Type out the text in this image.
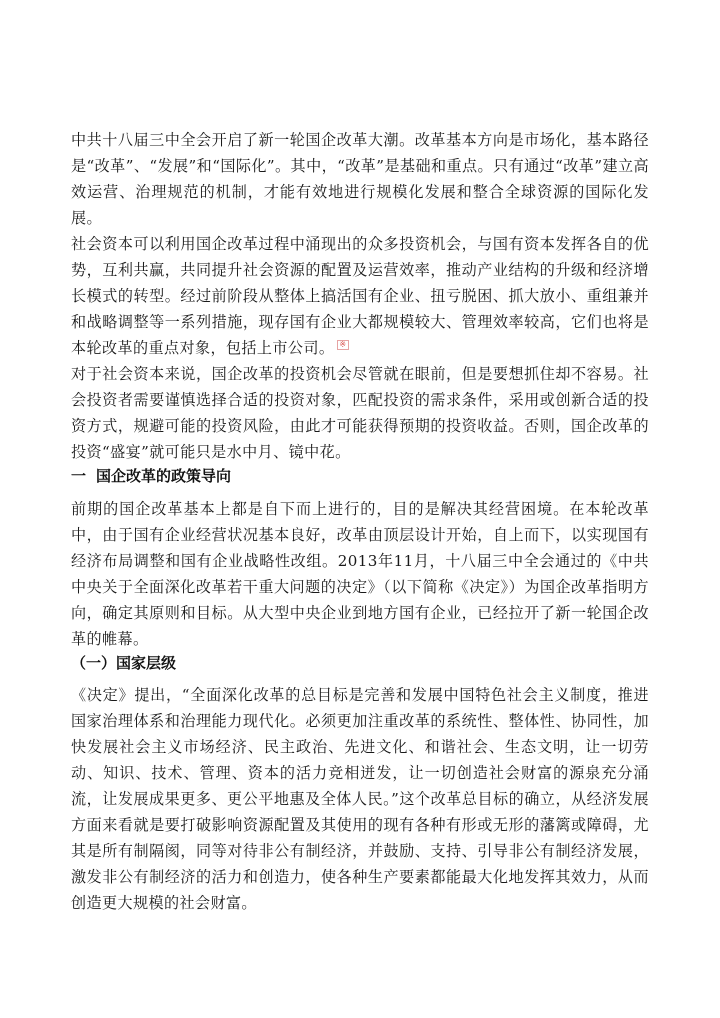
中共十八届三中全会开启了新一轮国企改革大潮。改革基本方向是市场化，基本路径是“改革”、“发展”和“国际化”。其中，“改革”是基础和重点。只有通过“改革”建立高效运营、治理规范的机制，才能有效地进行规模化发展和整合全球资源的国际化发展。

社会资本可以利用国企改革过程中涌现出的众多投资机会，与国有资本发挥各自的优势，互利共赢，共同提升社会资源的配置及运营效率，推动产业结构的升级和经济增长模式的转型。经过前阶段从整体上搞活国有企业、扭亏脱困、抓大放小、重组兼并和战略调整等一系列措施，现存国有企业大都规模较大、管理效率较高，它们也将是本轮改革的重点对象，包括上市公司。 ※

对于社会资本来说，国企改革的投资机会尽管就在眼前，但是要想抓住却不容易。社会投资者需要谨慎选择合适的投资对象，匹配投资的需求条件，采用或创新合适的投资方式，规避可能的投资风险，由此才可能获得预期的投资收益。否则，国企改革的投资“盛宴”就可能只是水中月、镜中花。

一 国企改革的政策导向

前期的国企改革基本上都是自下而上进行的，目的是解决其经营困境。在本轮改革中，由于国有企业经营状况基本良好，改革由顶层设计开始，自上而下，以实现国有经济布局调整和国有企业战略性改组。2013年11月，十八届三中全会通过的《中共中央关于全面深化改革若干重大问题的决定》（以下简称《决定》）为国企改革指明方向，确定其原则和目标。从大型中央企业到地方国有企业，已经拉开了新一轮国企改革的帷幕。

（一）国家层级

《决定》提出，“全面深化改革的总目标是完善和发展中国特色社会主义制度，推进国家治理体系和治理能力现代化。必须更加注重改革的系统性、整体性、协同性，加快发展社会主义市场经济、民主政治、先进文化、和谐社会、生态文明，让一切劳动、知识、技术、管理、资本的活力竞相迸发，让一切创造社会财富的源泉充分涌流，让发展成果更多、更公平地惠及全体人民。”这个改革总目标的确立，从经济发展方面来看就是要打破影响资源配置及其使用的现有各种有形或无形的藩篱或障碍，尤其是所有制隔阂，同等对待非公有制经济，并鼓励、支持、引导非公有制经济发展，激发非公有制经济的活力和创造力，使各种生产要素都能最大化地发挥其效力，从而创造更大规模的社会财富。
